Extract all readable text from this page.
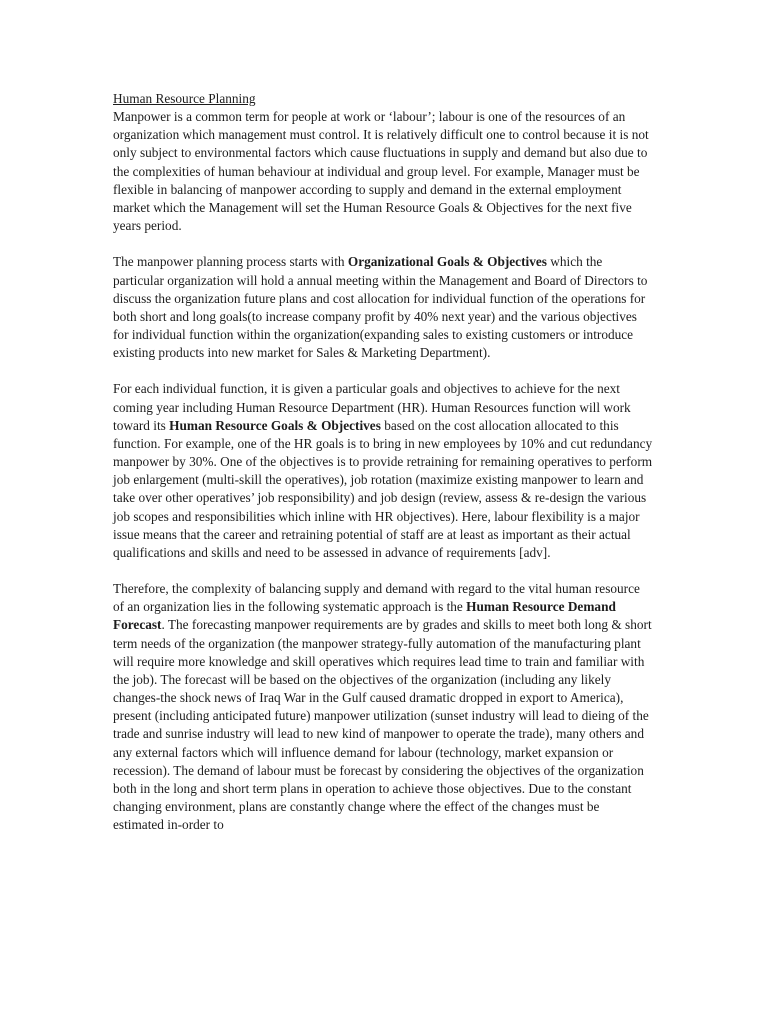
Human Resource Planning

Manpower is a common term for people at work or ‘labour’; labour is one of the resources of an organization which management must control. It is relatively difficult one to control because it is not only subject to environmental factors which cause fluctuations in supply and demand but also due to the complexities of human behaviour at individual and group level. For example, Manager must be flexible in balancing of manpower according to supply and demand in the external employment market which the Management will set the Human Resource Goals & Objectives for the next five years period.

The manpower planning process starts with Organizational Goals & Objectives which the particular organization will hold a annual meeting within the Management and Board of Directors to discuss the organization future plans and cost allocation for individual function of the operations for both short and long goals(to increase company profit by 40% next year) and the various objectives for individual function within the organization(expanding sales to existing customers or introduce existing products into new market for Sales & Marketing Department).

For each individual function, it is given a particular goals and objectives to achieve for the next coming year including Human Resource Department (HR). Human Resources function will work toward its Human Resource Goals & Objectives based on the cost allocation allocated to this function. For example, one of the HR goals is to bring in new employees by 10% and cut redundancy manpower by 30%. One of the objectives is to provide retraining for remaining operatives to perform job enlargement (multi-skill the operatives), job rotation (maximize existing manpower to learn and take over other operatives’ job responsibility) and job design (review, assess & re-design the various job scopes and responsibilities which inline with HR objectives). Here, labour flexibility is a major issue means that the career and retraining potential of staff are at least as important as their actual qualifications and skills and need to be assessed in advance of requirements [adv].

Therefore, the complexity of balancing supply and demand with regard to the vital human resource of an organization lies in the following systematic approach is the Human Resource Demand Forecast. The forecasting manpower requirements are by grades and skills to meet both long & short term needs of the organization (the manpower strategy-fully automation of the manufacturing plant will require more knowledge and skill operatives which requires lead time to train and familiar with the job). The forecast will be based on the objectives of the organization (including any likely changes-the shock news of Iraq War in the Gulf caused dramatic dropped in export to America), present (including anticipated future) manpower utilization (sunset industry will lead to dieing of the trade and sunrise industry will lead to new kind of manpower to operate the trade), many others and any external factors which will influence demand for labour (technology, market expansion or recession). The demand of labour must be forecast by considering the objectives of the organization both in the long and short term plans in operation to achieve those objectives. Due to the constant changing environment, plans are constantly change where the effect of the changes must be estimated in-order to
